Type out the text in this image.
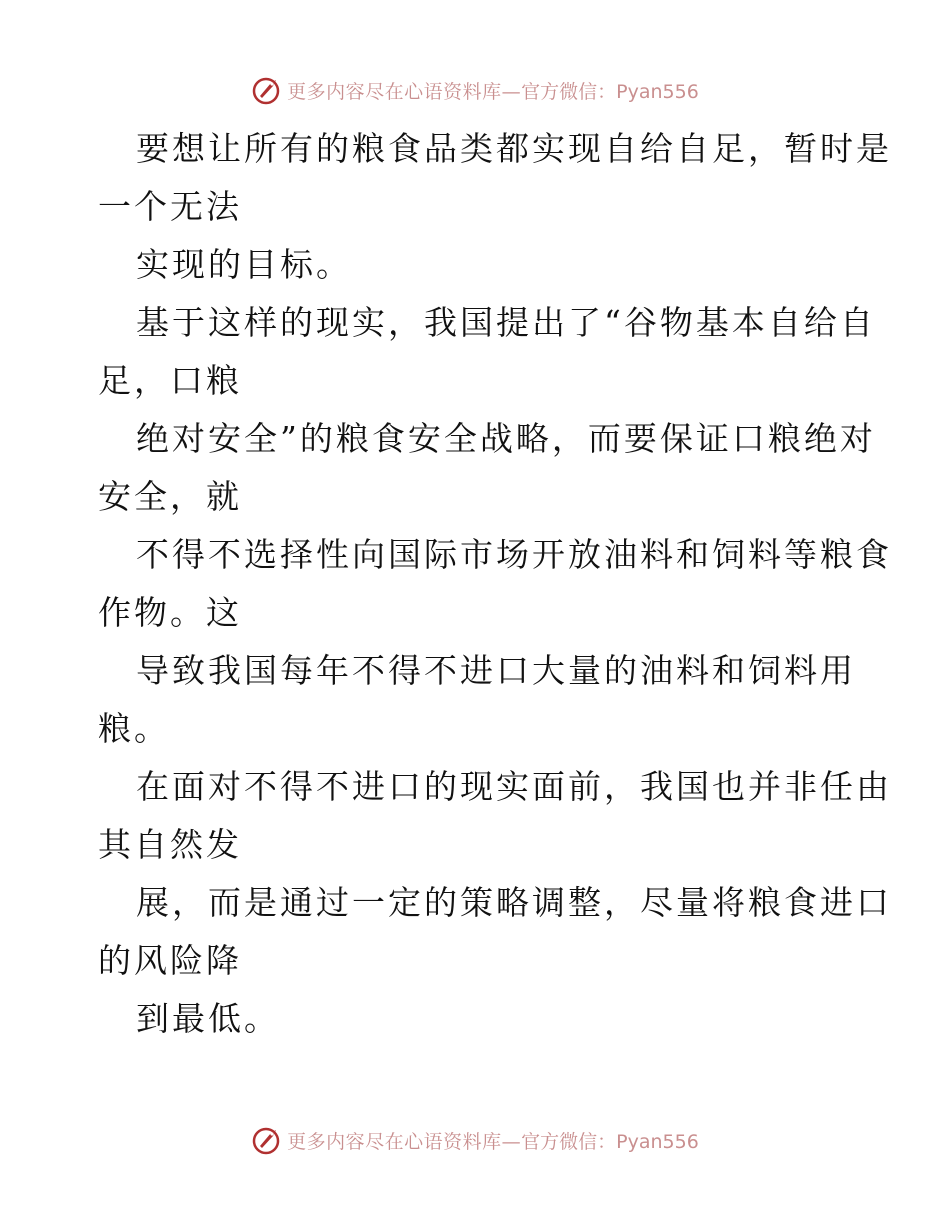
更多内容尽在心语资料库— 官方微信：Pyan556
要想让所有的粮食品类都实现自给自足，暂时是
一个无法
实现的目标。
基于这样的现实，我国提出了“谷物基本自给自
足，口粮
绝对安全”的粮食安全战略，而要保证口粮绝对
安全，就
不得不选择性向国际市场开放油料和饲料等粮食
作物。这
导致我国每年不得不进口大量的油料和饲料用
粮。
在面对不得不进口的现实面前，我国也并非任由
其自然发
展，而是通过一定的策略调整，尽量将粮食进口
的风险降
到最低。
更多内容尽在心语资料库— 官方微信：Pyan556
